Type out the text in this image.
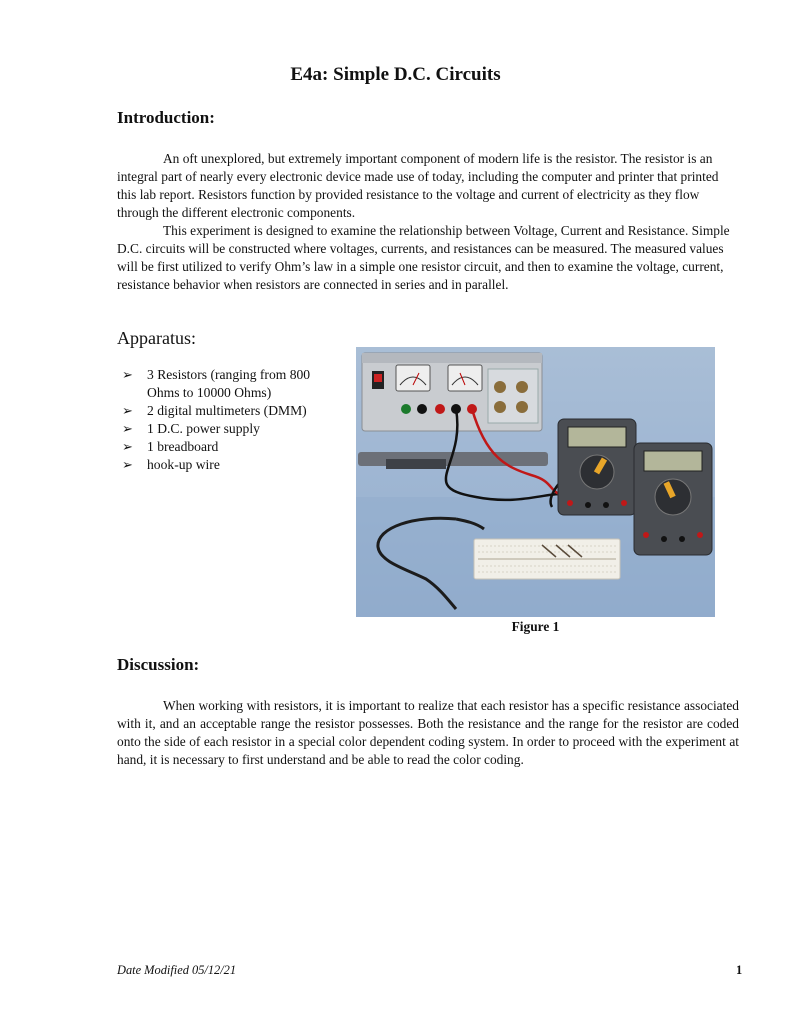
E4a: Simple D.C. Circuits
Introduction:

An oft unexplored, but extremely important component of modern life is the resistor. The resistor is an integral part of nearly every electronic device made use of today, including the computer and printer that printed this lab report. Resistors function by provided resistance to the voltage and current of electricity as they flow through the different electronic components.

This experiment is designed to examine the relationship between Voltage, Current and Resistance. Simple D.C. circuits will be constructed where voltages, currents, and resistances can be measured. The measured values will be first utilized to verify Ohm’s law in a simple one resistor circuit, and then to examine the voltage, current, resistance behavior when resistors are connected in series and in parallel.

Apparatus:
➢ 3 Resistors (ranging from 800 Ohms to 10000 Ohms)
➢ 2 digital multimeters (DMM)
➢ 1 D.C. power supply
➢ 1 breadboard
➢ hook-up wire
Figure 1
Discussion:

When working with resistors, it is important to realize that each resistor has a specific resistance associated with it, and an acceptable range the resistor possesses. Both the resistance and the range for the resistor are coded onto the side of each resistor in a special color dependent coding system. In order to proceed with the experiment at hand, it is necessary to first understand and be able to read the color coding.

Date Modified 05/12/21	1
